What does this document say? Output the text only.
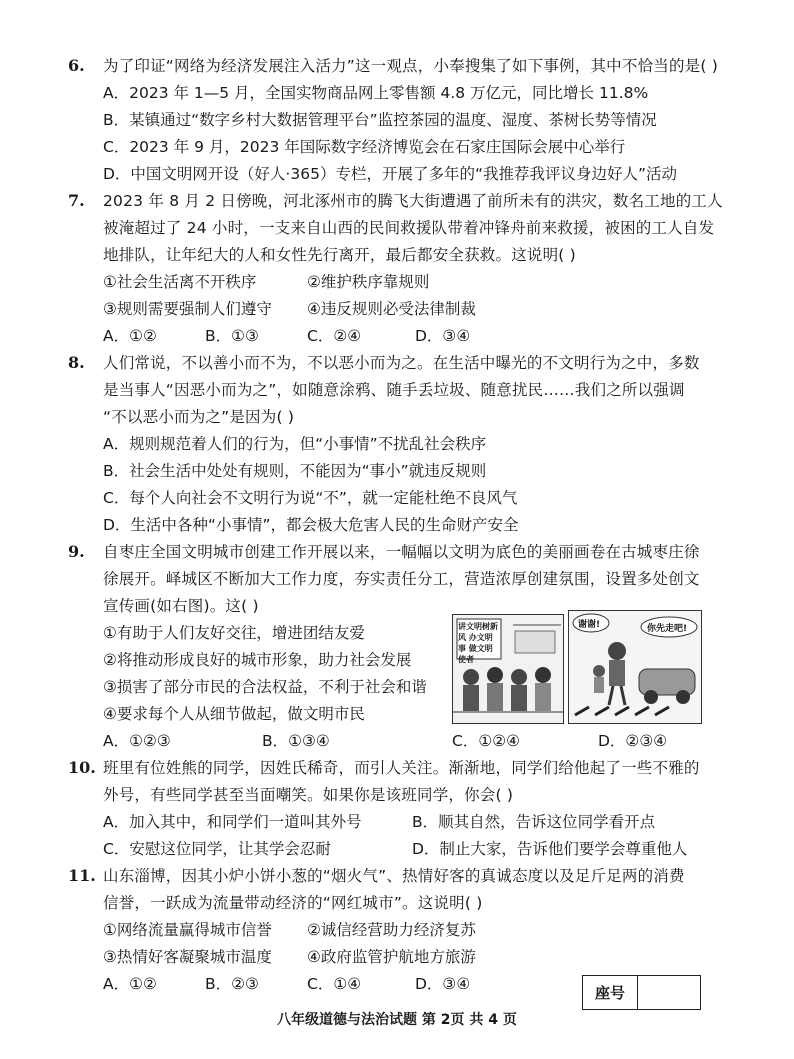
6. 为了印证“网络为经济发展注入活力”这一观点，小奉搜集了如下事例，其中不恰当的是( )
A．2023 年 1—5 月，全国实物商品网上零售额 4.8 万亿元，同比增长 11.8%
B．某镇通过“数字乡村大数据管理平台”监控茶园的温度、湿度、茶树长势等情况
C．2023 年 9 月，2023 年国际数字经济博览会在石家庄国际会展中心举行
D．中国文明网开设（好人·365）专栏，开展了多年的“我推荐我评议身边好人”活动
7. 2023 年 8 月 2 日傍晚，河北涿州市的腾飞大街遭遇了前所未有的洪灾，数名工地的工人
被淹超过了 24 小时，一支来自山西的民间救援队带着冲锋舟前来救援，被困的工人自发
地排队，让年纪大的人和女性先行离开，最后都安全获救。这说明( )
①社会生活离不开秩序	②维护秩序靠规则
③规则需要强制人们遵守 ④违反规则必受法律制裁
A．①②	B．①③	C．②④	D．③④
8. 人们常说，不以善小而不为，不以恶小而为之。在生活中曝光的不文明行为之中，多数
是当事人“因恶小而为之”，如随意涂鸦、随手丢垃圾、随意扰民……我们之所以强调
“不以恶小而为之”是因为( )
A．规则规范着人们的行为，但“小事情”不扰乱社会秩序
B．社会生活中处处有规则，不能因为“事小”就违反规则
C．每个人向社会不文明行为说“不”，就一定能杜绝不良风气
D．生活中各种“小事情”，都会极大危害人民的生命财产安全
9. 自枣庄全国文明城市创建工作开展以来，一幅幅以文明为底色的美丽画卷在古城枣庄徐
徐展开。峄城区不断加大工作力度，夯实责任分工，营造浓厚创建氛围，设置多处创文
宣传画(如右图)。这( )
①有助于人们友好交往，增进团结友爱
②将推动形成良好的城市形象，助力社会发展
③损害了部分市民的合法权益，不利于社会和谐
④要求每个人从细节做起，做文明市民
A．①②③	B．①③④	C．①②④	D．②③④
讲文明树新风 办文明事 做文明使者
谢谢!	你先走吧!
10. 班里有位姓熊的同学，因姓氏稀奇，而引人关注。渐渐地，同学们给他起了一些不雅的
外号，有些同学甚至当面嘲笑。如果你是该班同学，你会( )
A．加入其中，和同学们一道叫其外号	B．顺其自然，告诉这位同学看开点
C．安慰这位同学，让其学会忍耐	D．制止大家，告诉他们要学会尊重他人
11. 山东淄博，因其小炉小饼小葱的“烟火气”、热情好客的真诚态度以及足斤足两的消费
信誉，一跃成为流量带动经济的“网红城市”。这说明( )
①网络流量赢得城市信誉 ②诚信经营助力经济复苏
③热情好客凝聚城市温度 ④政府监管护航地方旅游
A．①②	B．②③	C．①④	D．③④	座号
八年级道德与法治试题 第 2页 共 4 页
